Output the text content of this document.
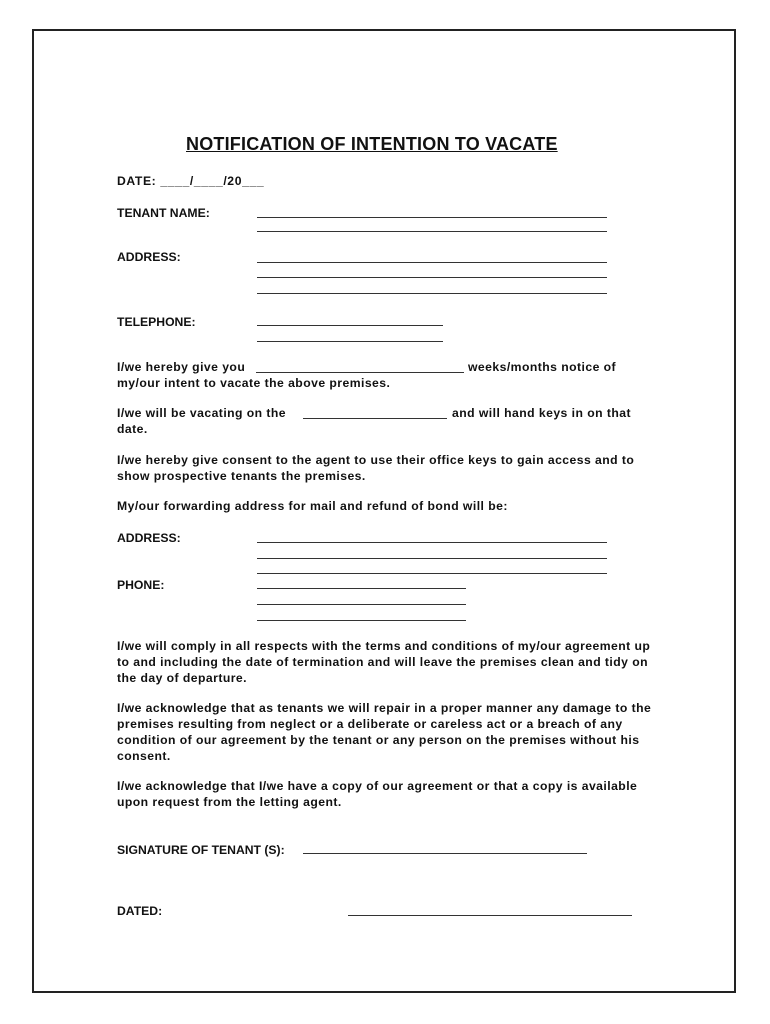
NOTIFICATION OF INTENTION TO VACATE
DATE: ____/____/20___
TENANT NAME:
ADDRESS:
TELEPHONE:
I/we hereby give you	weeks/months notice of
my/our intent to vacate the above premises.
I/we will be vacating on the	and will hand keys in on that
date.
I/we hereby give consent to the agent to use their office keys to gain access and to show prospective tenants the premises.
My/our forwarding address for mail and refund of bond will be:
ADDRESS:
PHONE:
I/we will comply in all respects with the terms and conditions of my/our agreement up to and including the date of termination and will leave the premises clean and tidy on the day of departure.
I/we acknowledge that as tenants we will repair in a proper manner any damage to the premises resulting from neglect or a deliberate or careless act or a breach of any condition of our agreement by the tenant or any person on the premises without his consent.
I/we acknowledge that I/we have a copy of our agreement or that a copy is available upon request from the letting agent.
SIGNATURE OF TENANT (S):
DATED:
